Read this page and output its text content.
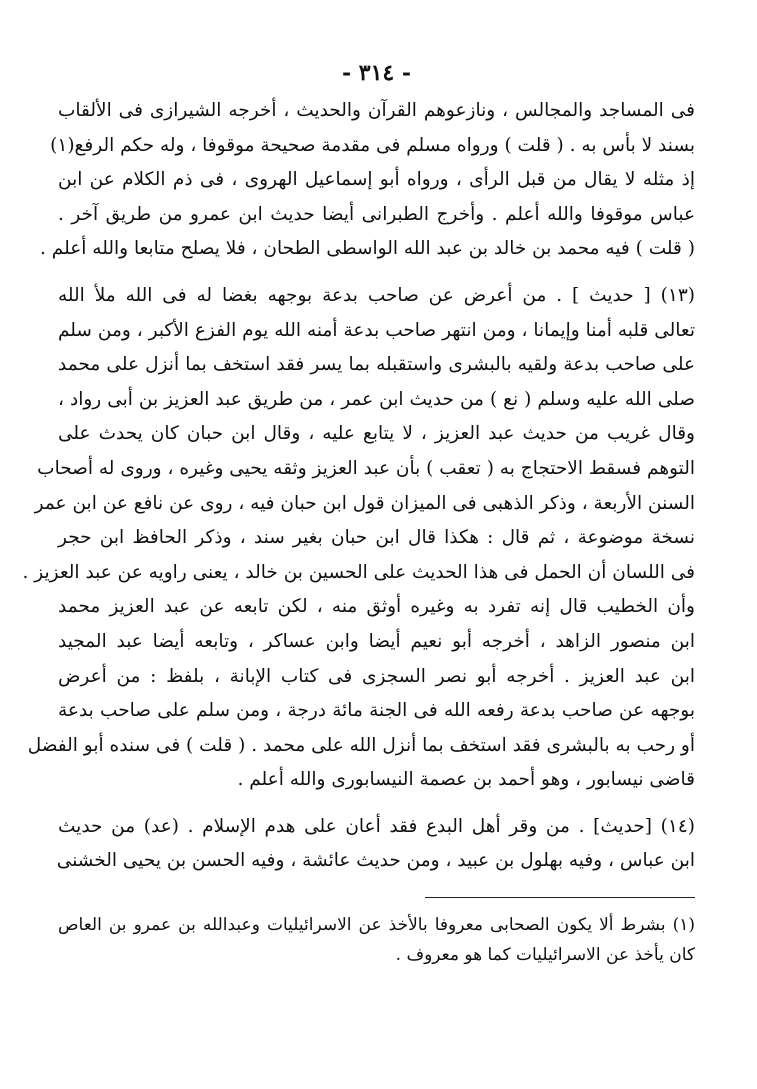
- ٣١٤ -
فى المساجد والمجالس ، ونازعوهم القرآن والحديث ، أخرجه الشيرازى فى الألقاب
بسند لا بأس به . ( قلت ) ورواه مسلم فى مقدمة صحيحة موقوفا ، وله حكم الرفع(١)
إذ مثله لا يقال من قبل الرأى ، ورواه أبو إسماعيل الهروى ، فى ذم الكلام عن ابن
عباس موقوفا والله أعلم . وأخرج الطبرانى أيضا حديث ابن عمرو من طريق آخر .
( قلت ) فيه محمد بن خالد بن عبد الله الواسطى الطحان ، فلا يصلح متابعا والله أعلم .
(١٣) [ حديث ] . من أعرض عن صاحب بدعة بوجهه بغضا له فى الله ملأ الله
تعالى قلبه أمنا وإيمانا ، ومن انتهر صاحب بدعة أمنه الله يوم الفزع الأكبر ، ومن سلم
على صاحب بدعة ولقيه بالبشرى واستقبله بما يسر فقد استخف بما أنزل على محمد
صلى الله عليه وسلم ( نع ) من حديث ابن عمر ، من طريق عبد العزيز بن أبى رواد ،
وقال غريب من حديث عبد العزيز ، لا يتابع عليه ، وقال ابن حبان كان يحدث على
التوهم فسقط الاحتجاج به ( تعقب ) بأن عبد العزيز وثقه يحيى وغيره ، وروى له أصحاب
السنن الأربعة ، وذكر الذهبى فى الميزان قول ابن حبان فيه ، روى عن نافع عن ابن عمر
نسخة موضوعة ، ثم قال : هكذا قال ابن حبان بغير سند ، وذكر الحافظ ابن حجر
فى اللسان أن الحمل فى هذا الحديث على الحسين بن خالد ، يعنى راويه عن عبد العزيز .
وأن الخطيب قال إنه تفرد به وغيره أوثق منه ، لكن تابعه عن عبد العزيز محمد
ابن منصور الزاهد ، أخرجه أبو نعيم أيضا وابن عساكر ، وتابعه أيضا عبد المجيد
ابن عبد العزيز . أخرجه أبو نصر السجزى فى كتاب الإبانة ، بلفظ : من أعرض
بوجهه عن صاحب بدعة رفعه الله فى الجنة مائة درجة ، ومن سلم على صاحب بدعة
أو رحب به بالبشرى فقد استخف بما أنزل الله على محمد . ( قلت ) فى سنده أبو الفضل
قاضى نيسابور ، وهو أحمد بن عصمة النيسابورى والله أعلم .
(١٤) [حديث] . من وقر أهل البدع فقد أعان على هدم الإسلام . (عد) من حديث
ابن عباس ، وفيه بهلول بن عبيد ، ومن حديث عائشة ، وفيه الحسن بن يحيى الخشنى
(١) بشرط ألا يكون الصحابى معروفا بالأخذ عن الاسرائيليات وعبدالله بن عمرو بن العاص
كان يأخذ عن الاسرائيليات كما هو معروف .
